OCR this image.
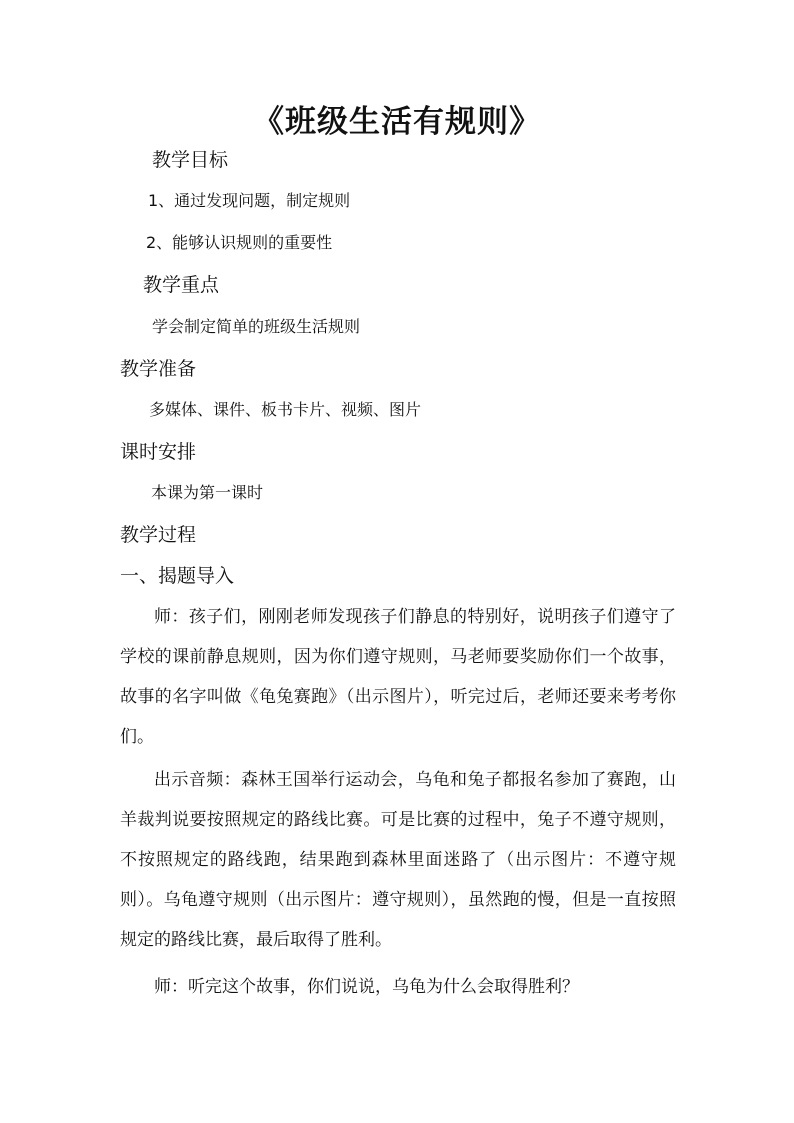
《班级生活有规则》
教学目标
1、通过发现问题，制定规则
2、能够认识规则的重要性
教学重点
学会制定简单的班级生活规则
教学准备
多媒体、课件、板书卡片、视频、图片
课时安排
本课为第一课时
教学过程
一、揭题导入

师：孩子们，刚刚老师发现孩子们静息的特别好，说明孩子们遵守了学校的课前静息规则，因为你们遵守规则，马老师要奖励你们一个故事，故事的名字叫做《龟兔赛跑》（出示图片），听完过后，老师还要来考考你们。

出示音频：森林王国举行运动会，乌龟和兔子都报名参加了赛跑，山羊裁判说要按照规定的路线比赛。可是比赛的过程中，兔子不遵守规则，不按照规定的路线跑，结果跑到森林里面迷路了（出示图片：不遵守规则）。乌龟遵守规则（出示图片：遵守规则），虽然跑的慢，但是一直按照规定的路线比赛，最后取得了胜利。

师：听完这个故事，你们说说，乌龟为什么会取得胜利？
